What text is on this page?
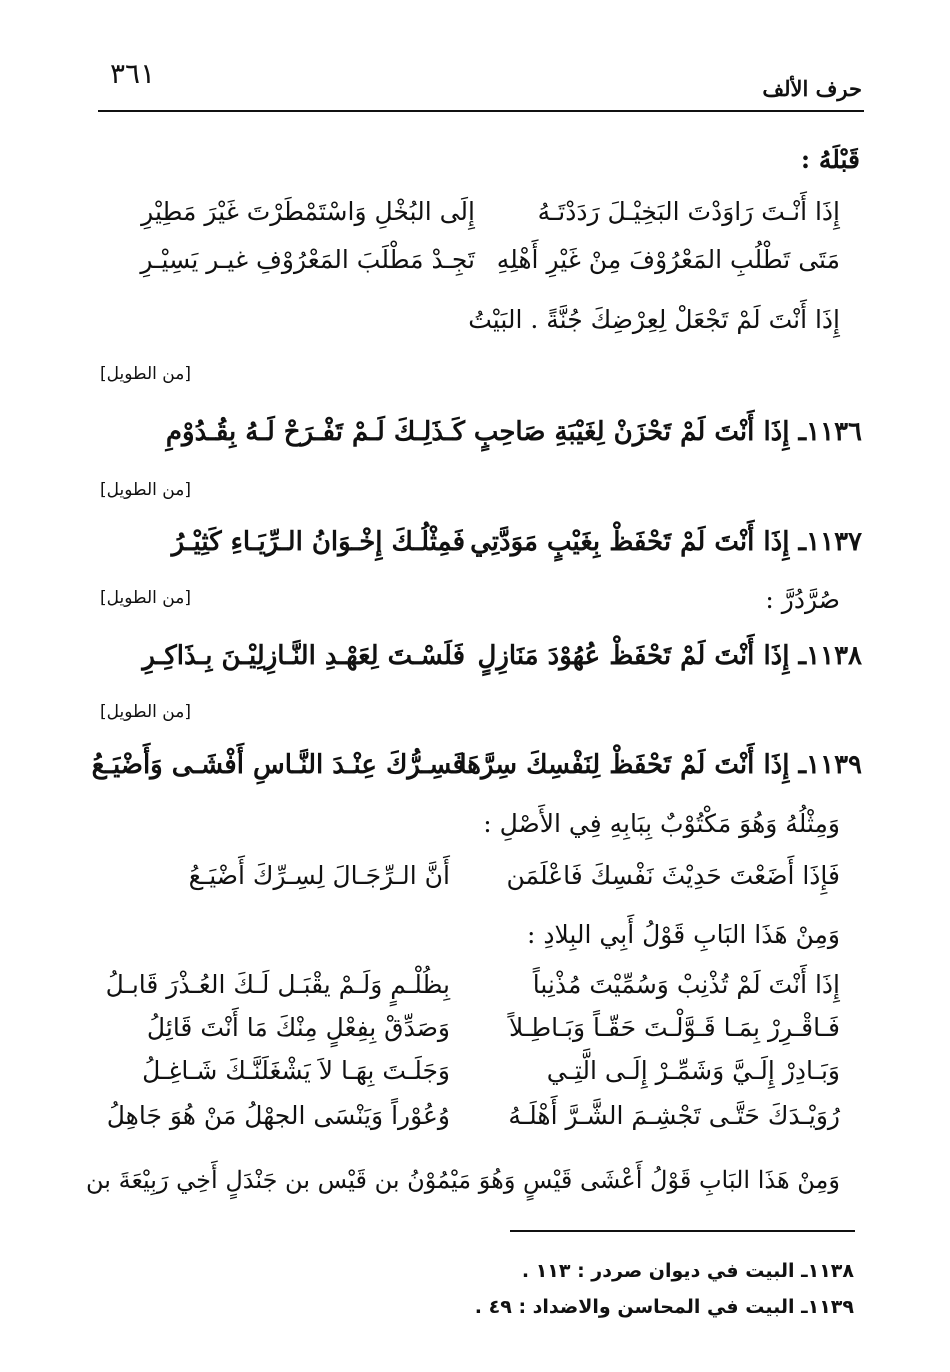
٣٦١	حرف الألف
قَبْلَهُ :
إِذَا أَنْـتَ رَاوَدْتَ البَخِيْـلَ رَدَدْتَـهُ
إِلَى البُخْلِ وَاسْتَمْطَرْتَ غَيْرَ مَطِيْرِ
مَتَى تَطْلُبِ المَعْرُوْفَ مِنْ غَيْرِ أَهْلِهِ
تَجِـدْ مَطْلَبَ المَعْرُوْفِ غيـر يَسِيْـرِ
إِذَا أَنْتَ لَمْ تَجْعَلْ لِعِرْضِكَ جُنَّةً . البَيْتُ
[من الطويل]
١١٣٦ـ إِذَا أَنْتَ لَمْ تَحْزَنْ لِغَيْبَةِ صَاحِبٍ
كَـذَلِـكَ لَـمْ تَفْـرَحْ لَـهُ بِقُـدُوْمِ
[من الطويل]
١١٣٧ـ إِذَا أَنْتَ لَمْ تَحْفَظْ بِغَيْبٍ مَوَدَّتِي
فَمِثْلُـكَ إِخْـوَانُ الـرِّيَـاءِ كَثِيْـرُ
[من الطويل]	صُرَّدُرَّ :
١١٣٨ـ إِذَا أَنْتَ لَمْ تَحْفَظْ عُهُوْدَ مَنَازِلٍ
فَلَسْـتَ لِعَهْـدِ النَّـازِلِيْـنَ بِـذَاكِـرِ
[من الطويل]
١١٣٩ـ إِذَا أَنْتَ لَمْ تَحْفَظْ لِنَفْسِكَ سِرَّهَا
فَسِـرُّكَ عِنْـدَ النَّـاسِ أَفْشَـى وَأَضْيَـعُ
وَمِثْلُهُ وَهُوَ مَكْتُوْبٌ بِبَابِهِ فِي الأَصْلِ :
فَإِذَا أَضَعْتَ حَدِيْثَ نَفْسِكَ فَاعْلَمَن
أَنَّ الـرِّجَـالَ لِسِـرِّكَ أَضْيَـعُ
وَمِنْ هَذَا البَابِ قَوْلُ أَبِي البِلادِ :
إِذَا أَنْتَ لَمْ تُذْنِبْ وَسُمِّيْتَ مُذْنِباً
بِظُلْـمٍ وَلَـمْ يقْبَـل لَـكَ العُـذْرَ قَابـلُ
فَـاقْـرِرْ بِمَـا قَـوَّلْـتَ حَقّـاً وَبَـاطِـلاً
وَصَدِّقْ بِفِعْلٍ مِنْكَ مَا أَنْتَ قَائِلُ
وَبَـادِرْ إِلَـيَّ وَشَمِّـرْ إِلَـى الَّتِـي
وَجَلَـتَ بِهَـا لاَ يَشْغَلَنَّـكَ شَـاغِـلُ
رُوَيْـدَكَ حَتَّـى تَجْشِـمَ الشَّـرَّ أَهْلَـهُ
وُعُوْراً وَيَنْسَى الجهْلُ مَنْ هُوَ جَاهِلُ
وَمِنْ هَذَا البَابِ قَوْلُ أَعْشَى قَيْسٍ وَهُوَ مَيْمُوْنُ بن قَيْس بن جَنْدَلٍ أَخِي رَبِيْعَةَ بن
١١٣٨ـ البيت في ديوان صردر : ١١٣ .
١١٣٩ـ البيت في المحاسن والاضداد : ٤٩ .
